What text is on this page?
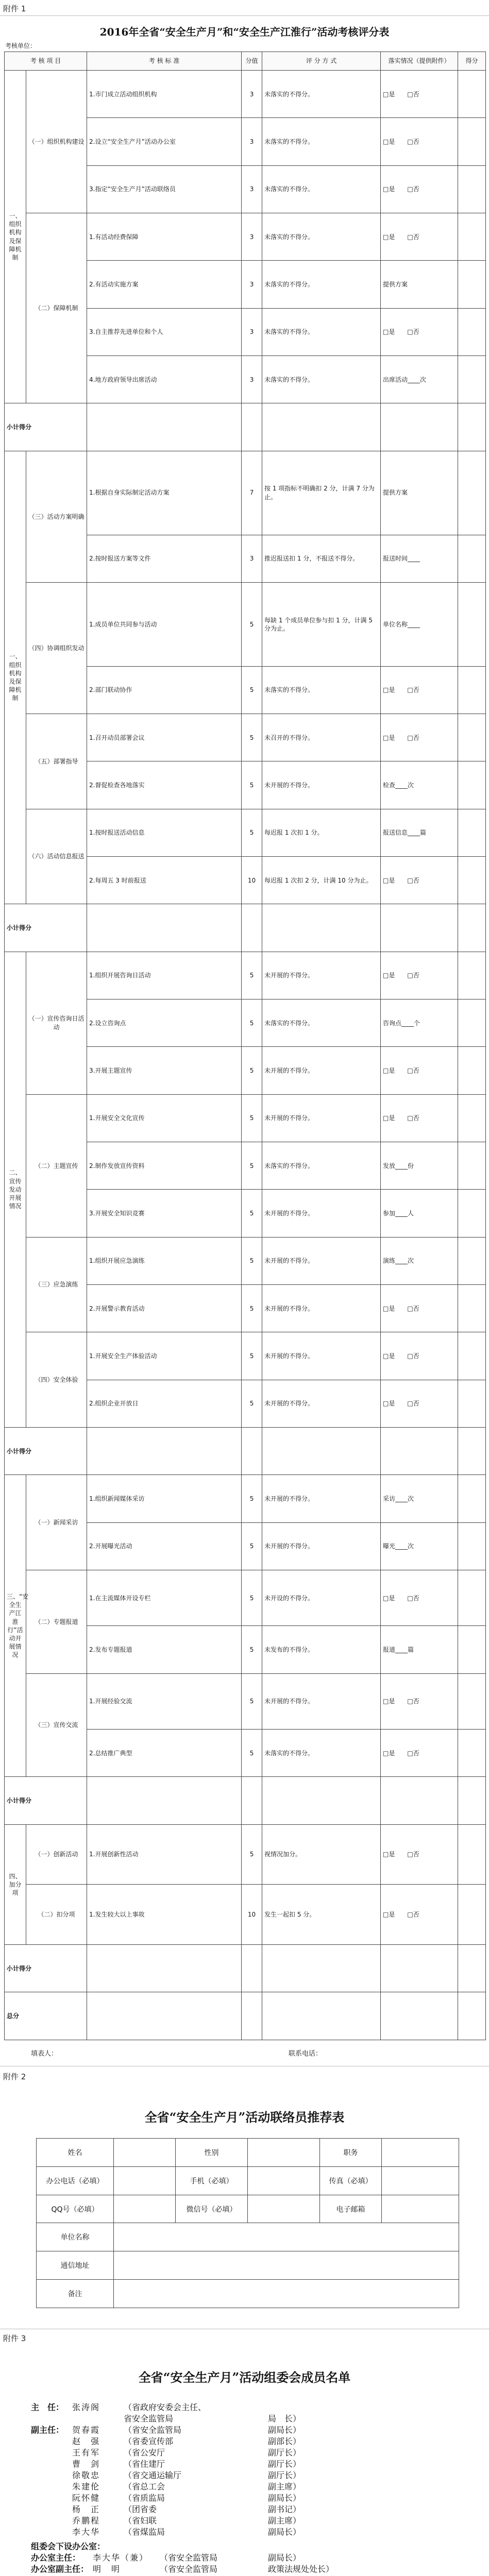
附件 1
2016年全省“安全生产月”和“安全生产江淮行”活动考核评分表
考核单位：
考 核 项 目		考 核 标 准	分值	评 分 方 式	落实情况（提供附件）	得分
一、组织机构及保障机制	（一）组织机构建设	1.市门成立活动组织机构	3	未落实的不得分。	□是　　□否	
		2.设立“安全生产月”活动办公室	3	未落实的不得分。	□是　　□否	
		3.指定“安全生产月”活动联络员	3	未落实的不得分。	□是　　□否	
	（二）保障机制	1.有活动经费保障	3	未落实的不得分。	□是　　□否	
		2.有活动实施方案	3	未落实的不得分。	提供方案	
		3.自主推荐先进单位和个人	3	未落实的不得分。	□是　　□否	
		4.地方政府领导出席活动	3	未落实的不得分。	出席活动____次	
小计得分						
一、组织机构及保障机制	（三）活动方案明确	1.根据自身实际制定活动方案	7	按 1 项指标不明确扣 2 分，计满 7 分为止。	提供方案	
		2.按时报送方案等文件	3	推迟报送扣 1 分，不报送不得分。	报送时间____	
	（四）协调组织发动	1.成员单位共同参与活动	5	每缺 1 个成员单位参与扣 1 分，计满 5 分为止。	单位名称____	
		2.部门联动协作	5	未落实的不得分。	□是　　□否	
	（五）部署指导	1.召开动员部署会议	5	未召开的不得分。	□是　　□否	
		2.督促检查各地落实	5	未开展的不得分。	检查____次	
	（六）活动信息报送	1.按时报送活动信息	5	每迟报 1 次扣 1 分。	报送信息____篇	
		2.每周五 3 时前报送	10	每迟报 1 次扣 2 分，计满 10 分为止。	□是　　□否	
小计得分						
二、宣传发动开展情况	（一）宣传咨询日活动	1.组织开展咨询日活动	5	未开展的不得分。	□是　　□否	
		2.设立咨询点	5	未落实的不得分。	咨询点____个	
		3.开展主题宣传	5	未开展的不得分。	□是　　□否	
	（二）主题宣传	1.开展安全文化宣传	5	未开展的不得分。	□是　　□否	
		2.制作发放宣传资料	5	未落实的不得分。	发放____份	
		3.开展安全知识竞赛	5	未开展的不得分。	参加____人	
	（三）应急演练	1.组织开展应急演练	5	未开展的不得分。	演练____次	
		2.开展警示教育活动	5	未开展的不得分。	□是　　□否	
	（四）安全体验	1.开展安全生产体验活动	5	未开展的不得分。	□是　　□否	
		2.组织企业开放日	5	未开展的不得分。	□是　　□否	
小计得分						
三、“安全生产江淮行”活动开展情况	（一）新闻采访	1.组织新闻媒体采访	5	未开展的不得分。	采访____次	
		2.开展曝光活动	5	未开展的不得分。	曝光____次	
	（二）专题报道	1.在主流媒体开设专栏	5	未开设的不得分。	□是　　□否	
		2.发布专题报道	5	未发布的不得分。	报道____篇	
	（三）宣传交流	1.开展经验交流	5	未开展的不得分。	□是　　□否	
		2.总结推广典型	5	未落实的不得分。	□是　　□否	
小计得分						
四、加分项	（一）创新活动	1.开展创新性活动	5	视情况加分。	□是　　□否	
	（二）扣分项	1.发生较大以上事故	10	发生一起扣 5 分。	□是　　□否	
小计得分						
总分						
填表人：	联系电话：
附件 2
全省“安全生产月”活动联络员推荐表
姓名		性别		职务	
办公电话（必填）		手机（必填）		传真（必填）	
QQ号（必填）		微信号（必填）		电子邮箱	
单位名称					
通信地址					
备注					
附件 3
全省“安全生产月”活动组委会成员名单
主　任： 张涛阁	（省政府安委会主任、
省安全监管局	局　长）
副主任： 贺春霞	（省安全监管局	副局长）
赵　强	（省委宣传部	副部长）
王有军	（省公安厅	副厅长）
曹　剑	（省住建厅	副厅长）
徐敬忠	（省交通运输厅	副厅长）
朱建伦	（省总工会	副主席）
阮怀健	（省质监局	副局长）
杨　正	（团省委	副书记）
乔鹏程	（省妇联	副主席）
李大华	（省煤监局	副局长）
组委会下设办公室：
办公室主任： 李大华（兼） （省安全监管局	副局长）
办公室副主任： 明　明	（省安全监管局	政策法规处处长）
